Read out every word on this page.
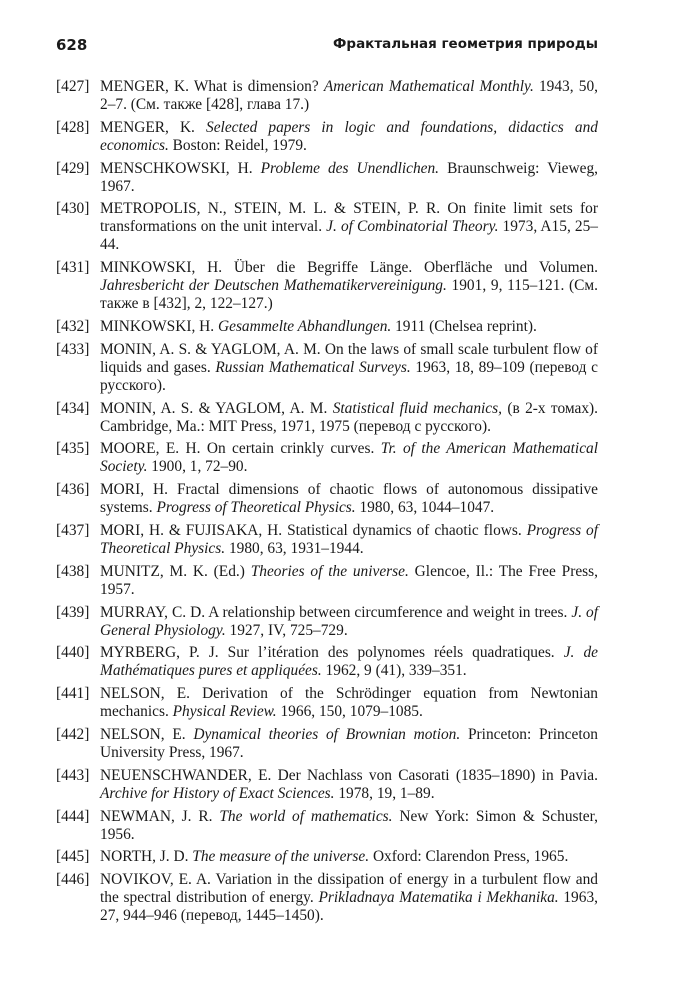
628	Фрактальная геометрия природы
[427] MENGER, K. What is dimension? American Mathematical Monthly. 1943, 50, 2–7. (См. также [428], глава 17.)
[428] MENGER, K. Selected papers in logic and foundations, didactics and economics. Boston: Reidel, 1979.
[429] MENSCHKOWSKI, H. Probleme des Unendlichen. Braunschweig: Vieweg, 1967.
[430] METROPOLIS, N., STEIN, M. L. & STEIN, P. R. On finite limit sets for transformations on the unit interval. J. of Combinatorial Theory. 1973, A15, 25–44.
[431] MINKOWSKI, H. Über die Begriffe Länge. Oberfläche und Volumen. Jahresbericht der Deutschen Mathematikervereinigung. 1901, 9, 115–121. (См. также в [432], 2, 122–127.)
[432] MINKOWSKI, H. Gesammelte Abhandlungen. 1911 (Chelsea reprint).
[433] MONIN, A. S. & YAGLOM, A. M. On the laws of small scale turbulent flow of liquids and gases. Russian Mathematical Surveys. 1963, 18, 89–109 (перевод с русского).
[434] MONIN, A. S. & YAGLOM, A. M. Statistical fluid mechanics, (в 2-х томах). Cambridge, Ma.: MIT Press, 1971, 1975 (перевод с русского).
[435] MOORE, E. H. On certain crinkly curves. Tr. of the American Mathematical Society. 1900, 1, 72–90.
[436] MORI, H. Fractal dimensions of chaotic flows of autonomous dissipative systems. Progress of Theoretical Physics. 1980, 63, 1044–1047.
[437] MORI, H. & FUJISAKA, H. Statistical dynamics of chaotic flows. Progress of Theoretical Physics. 1980, 63, 1931–1944.
[438] MUNITZ, M. K. (Ed.) Theories of the universe. Glencoe, Il.: The Free Press, 1957.
[439] MURRAY, C. D. A relationship between circumference and weight in trees. J. of General Physiology. 1927, IV, 725–729.
[440] MYRBERG, P. J. Sur l’itération des polynomes réels quadratiques. J. de Mathématiques pures et appliquées. 1962, 9 (41), 339–351.
[441] NELSON, E. Derivation of the Schrödinger equation from Newtonian mechanics. Physical Review. 1966, 150, 1079–1085.
[442] NELSON, E. Dynamical theories of Brownian motion. Princeton: Princeton University Press, 1967.
[443] NEUENSCHWANDER, E. Der Nachlass von Casorati (1835–1890) in Pavia. Archive for History of Exact Sciences. 1978, 19, 1–89.
[444] NEWMAN, J. R. The world of mathematics. New York: Simon & Schuster, 1956.
[445] NORTH, J. D. The measure of the universe. Oxford: Clarendon Press, 1965.
[446] NOVIKOV, E. A. Variation in the dissipation of energy in a turbulent flow and the spectral distribution of energy. Prikladnaya Matematika i Mekhanika. 1963, 27, 944–946 (перевод, 1445–1450).
